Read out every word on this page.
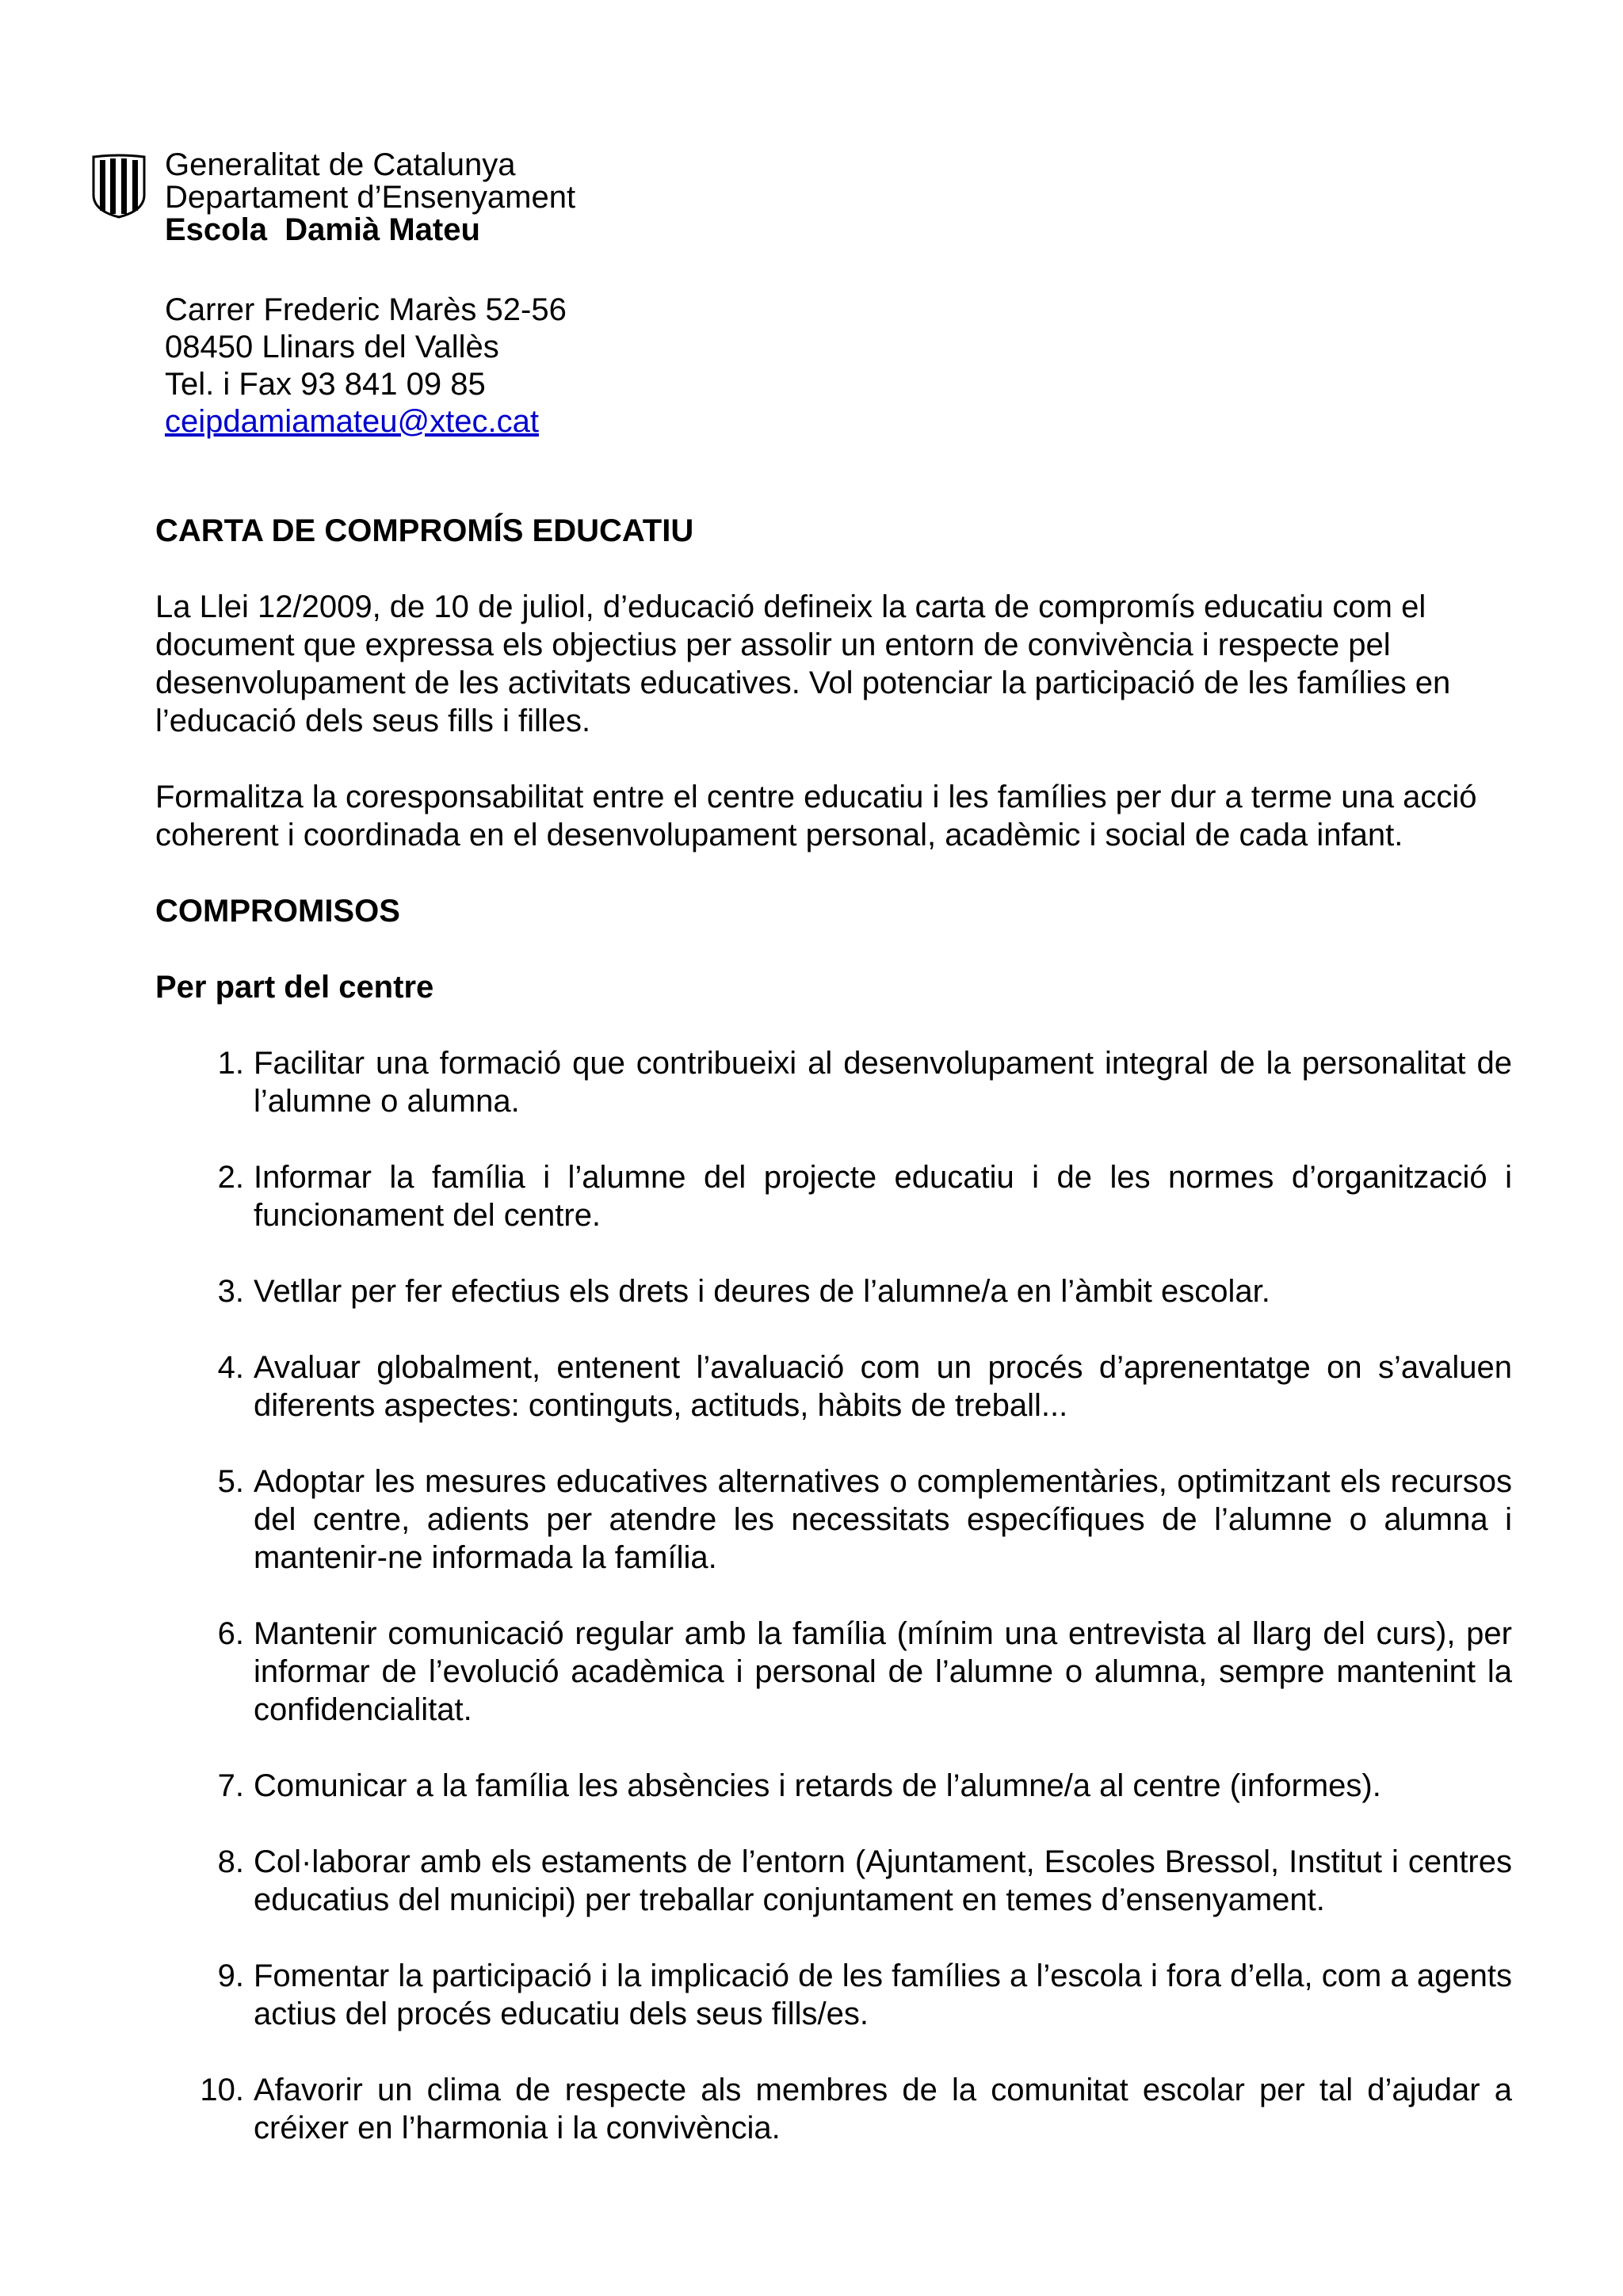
Generalitat de Catalunya
Departament d’Ensenyament
Escola  Damià Mateu
Carrer Frederic Marès 52-56
08450 Llinars del Vallès
Tel. i Fax 93 841 09 85
ceipdamiamateu@xtec.cat
CARTA DE COMPROMÍS EDUCATIU
La Llei 12/2009, de 10 de juliol, d’educació defineix la carta de compromís educatiu com el document que expressa els objectius per assolir un entorn de convivència i respecte pel desenvolupament de les activitats educatives. Vol potenciar la participació de les famílies en l’educació dels seus fills i filles.
Formalitza la coresponsabilitat entre el centre educatiu i les famílies per dur a terme una acció coherent i coordinada en el desenvolupament personal, acadèmic i social de cada infant.
COMPROMISOS
Per part del centre
1. Facilitar una formació que contribueixi al desenvolupament integral de la personalitat de l’alumne o alumna.
2. Informar la família i l’alumne del projecte educatiu i de les normes d’organització i funcionament del centre.
3. Vetllar per fer efectius els drets i deures de l’alumne/a en l’àmbit escolar.
4. Avaluar globalment, entenent l’avaluació com un procés d’aprenentatge on s’avaluen diferents aspectes: continguts, actituds, hàbits de treball...
5. Adoptar les mesures educatives alternatives o complementàries, optimitzant els recursos del centre, adients per atendre les necessitats específiques de l’alumne o alumna i mantenir-ne informada la família.
6. Mantenir comunicació regular amb la família (mínim una entrevista al llarg del curs), per informar de l’evolució acadèmica i personal de l’alumne o alumna, sempre mantenint la confidencialitat.
7. Comunicar a la família les absències i retards de l’alumne/a al centre (informes).
8. Col·laborar amb els estaments de l’entorn (Ajuntament, Escoles Bressol, Institut i centres educatius del municipi) per treballar conjuntament en temes d’ensenyament.
9. Fomentar la participació i la implicació de les famílies a l’escola i fora d’ella, com a agents actius del procés educatiu dels seus fills/es.
10. Afavorir un clima de respecte als membres de la comunitat escolar per tal d’ajudar a créixer en l’harmonia i la convivència.
